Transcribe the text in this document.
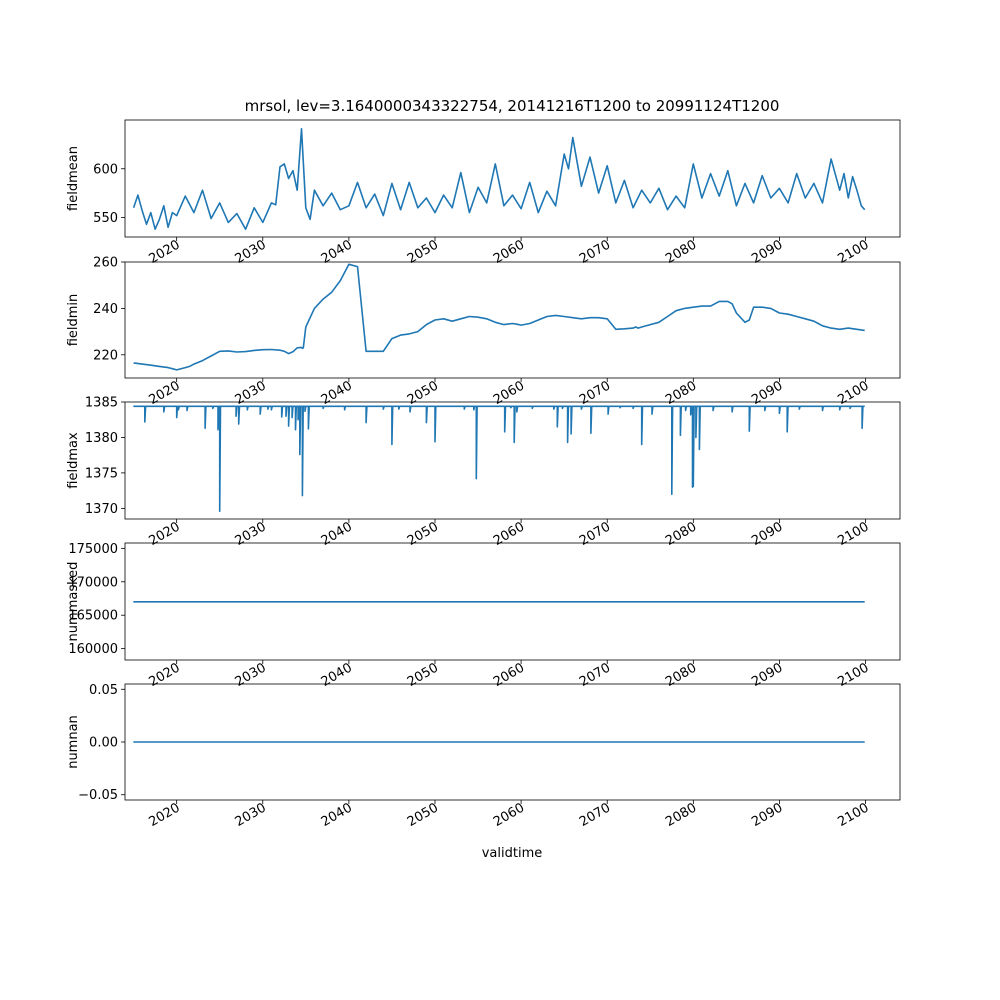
mrsol, lev=3.1640000343322754, 20141216T1200 to 20991124T1200
validtime
550
600
fieldmean
2020	2030	2040	2050	2060	2070	2080	2090	2100
220
240
260
fieldmin
2020	2030	2040	2050	2060	2070	2080	2090	2100
1370
1375
1380
1385
fieldmax
2020	2030	2040	2050	2060	2070	2080	2090	2100
160000
165000
170000
175000
nummasked
2020	2030	2040	2050	2060	2070	2080	2090	2100
−0.05
0.00
0.05
numnan
2020	2030	2040	2050	2060	2070	2080	2090	2100
